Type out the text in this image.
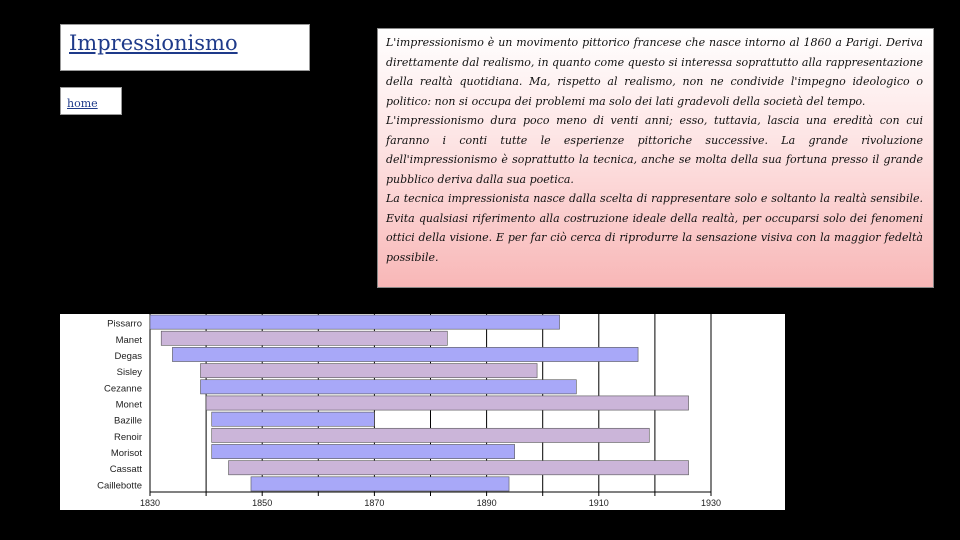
Impressionismo
home

L'impressionismo è un movimento pittorico francese che nasce intorno al 1860 a Parigi. Deriva direttamente dal realismo, in quanto come questo si interessa soprattutto alla rappresentazione della realtà quotidiana. Ma, rispetto al realismo, non ne condivide l'impegno ideologico o politico: non si occupa dei problemi ma solo dei lati gradevoli della società del tempo.

L'impressionismo dura poco meno di venti anni; esso, tuttavia, lascia una eredità con cui faranno i conti tutte le esperienze pittoriche successive. La grande rivoluzione dell'impressionismo è soprattutto la tecnica, anche se molta della sua fortuna presso il grande pubblico deriva dalla sua poetica.

La tecnica impressionista nasce dalla scelta di rappresentare solo e soltanto la realtà sensibile. Evita qualsiasi riferimento alla costruzione ideale della realtà, per occuparsi solo dei fenomeni ottici della visione. E per far ciò cerca di riprodurre la sensazione visiva con la maggior fedeltà possibile.

Pissarro
Manet
Degas
Sisley
Cezanne
Monet
Bazille
Renoir
Morisot
Cassatt
Caillebotte
1830	1850	1870	1890	1910	1930
